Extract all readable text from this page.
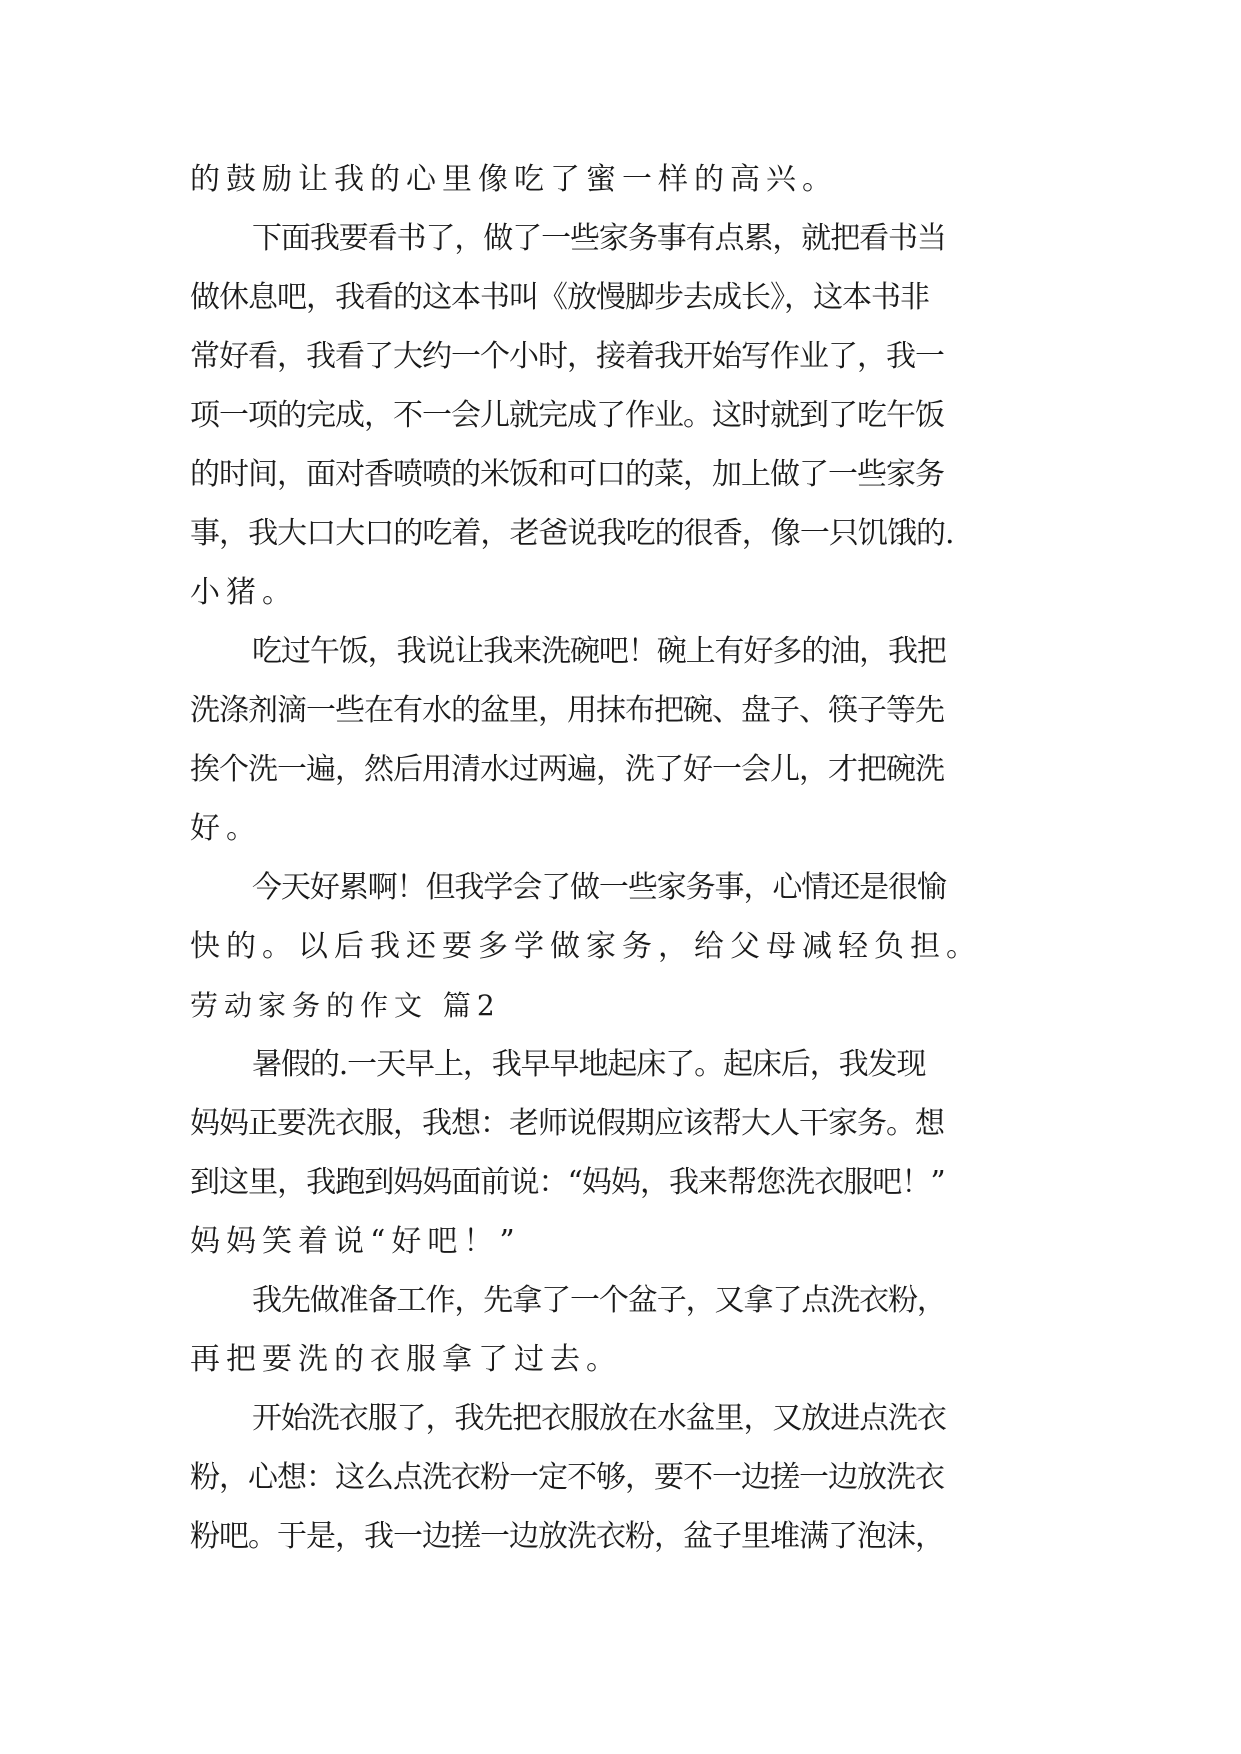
的鼓励让我的心里像吃了蜜一样的高兴。
下面我要看书了，做了一些家务事有点累，就把看书当
做休息吧，我看的这本书叫《放慢脚步去成长》，这本书非
常好看，我看了大约一个小时，接着我开始写作业了，我一
项一项的完成，不一会儿就完成了作业。这时就到了吃午饭
的时间，面对香喷喷的米饭和可口的菜，加上做了一些家务
事，我大口大口的吃着，老爸说我吃的很香，像一只饥饿的.
小猪。
吃过午饭，我说让我来洗碗吧！碗上有好多的油，我把
洗涤剂滴一些在有水的盆里，用抹布把碗、盘子、筷子等先
挨个洗一遍，然后用清水过两遍，洗了好一会儿，才把碗洗
好。
今天好累啊！但我学会了做一些家务事，心情还是很愉
快的。以后我还要多学做家务，给父母减轻负担。
劳动家务的作文 篇2
暑假的.一天早上，我早早地起床了。起床后，我发现
妈妈正要洗衣服，我想：老师说假期应该帮大人干家务。想
到这里，我跑到妈妈面前说：“妈妈，我来帮您洗衣服吧！”
妈妈笑着说“好吧！”
我先做准备工作，先拿了一个盆子，又拿了点洗衣粉，
再把要洗的衣服拿了过去。
开始洗衣服了，我先把衣服放在水盆里，又放进点洗衣
粉，心想：这么点洗衣粉一定不够，要不一边搓一边放洗衣
粉吧。于是，我一边搓一边放洗衣粉，盆子里堆满了泡沫，
